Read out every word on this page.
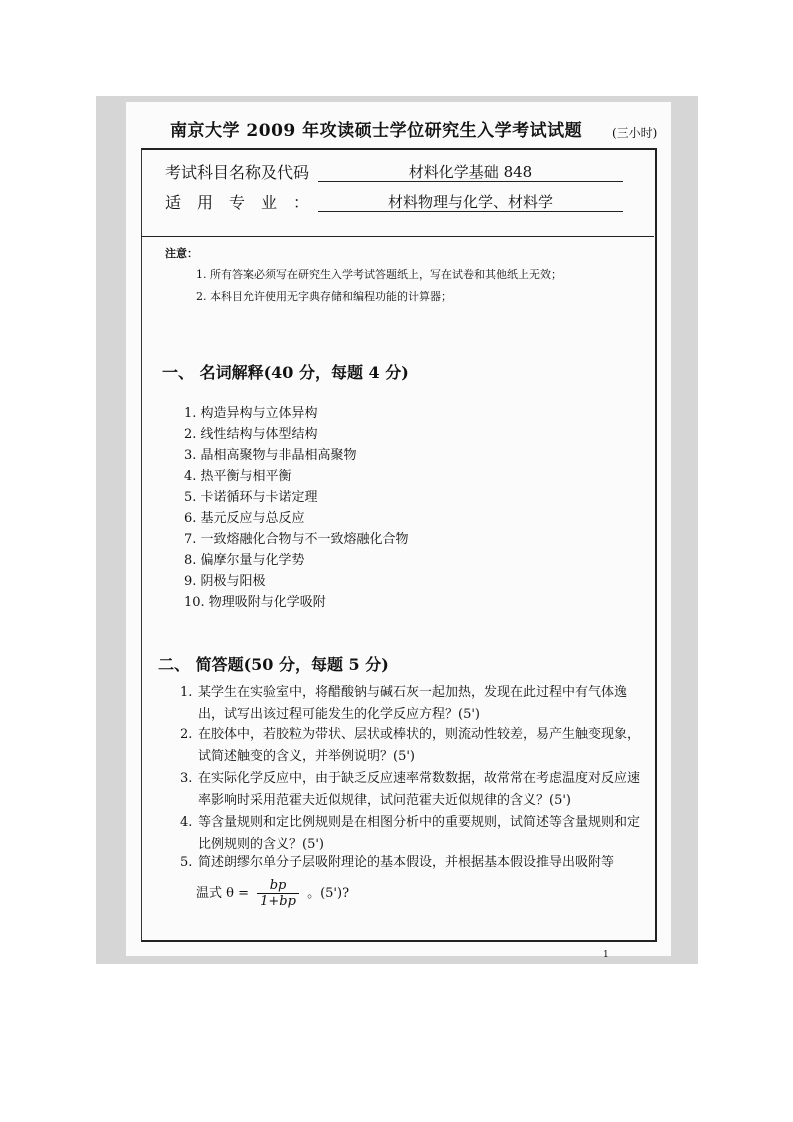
南京大学 2009 年攻读硕士学位研究生入学考试试题 (三小时)
考试科目名称及代码	材料化学基础 848
适　用　专　业　：	材料物理与化学、材料学
注意：
1. 所有答案必须写在研究生入学考试答题纸上，写在试卷和其他纸上无效；
2. 本科目允许使用无字典存储和编程功能的计算器；
一、 名词解释(40 分，每题 4 分)
1. 构造异构与立体异构
2. 线性结构与体型结构
3. 晶相高聚物与非晶相高聚物
4. 热平衡与相平衡
5. 卡诺循环与卡诺定理
6. 基元反应与总反应
7. 一致熔融化合物与不一致熔融化合物
8. 偏摩尔量与化学势
9. 阴极与阳极
10. 物理吸附与化学吸附
二、 简答题(50 分，每题 5 分)
1. 某学生在实验室中，将醋酸钠与碱石灰一起加热，发现在此过程中有气体逸出，试写出该过程可能发生的化学反应方程？(5')
2. 在胶体中，若胶粒为带状、层状或棒状的，则流动性较差，易产生触变现象，试简述触变的含义，并举例说明？(5')
3. 在实际化学反应中，由于缺乏反应速率常数数据，故常常在考虑温度对反应速率影响时采用范霍夫近似规律，试问范霍夫近似规律的含义？(5')
4. 等含量规则和定比例规则是在相图分析中的重要规则，试简述等含量规则和定比例规则的含义？(5')
5. 简述朗缪尔单分子层吸附理论的基本假设，并根据基本假设推导出吸附等
温式 $\theta = \frac{bp}{1+bp}$ 。(5')?
1
